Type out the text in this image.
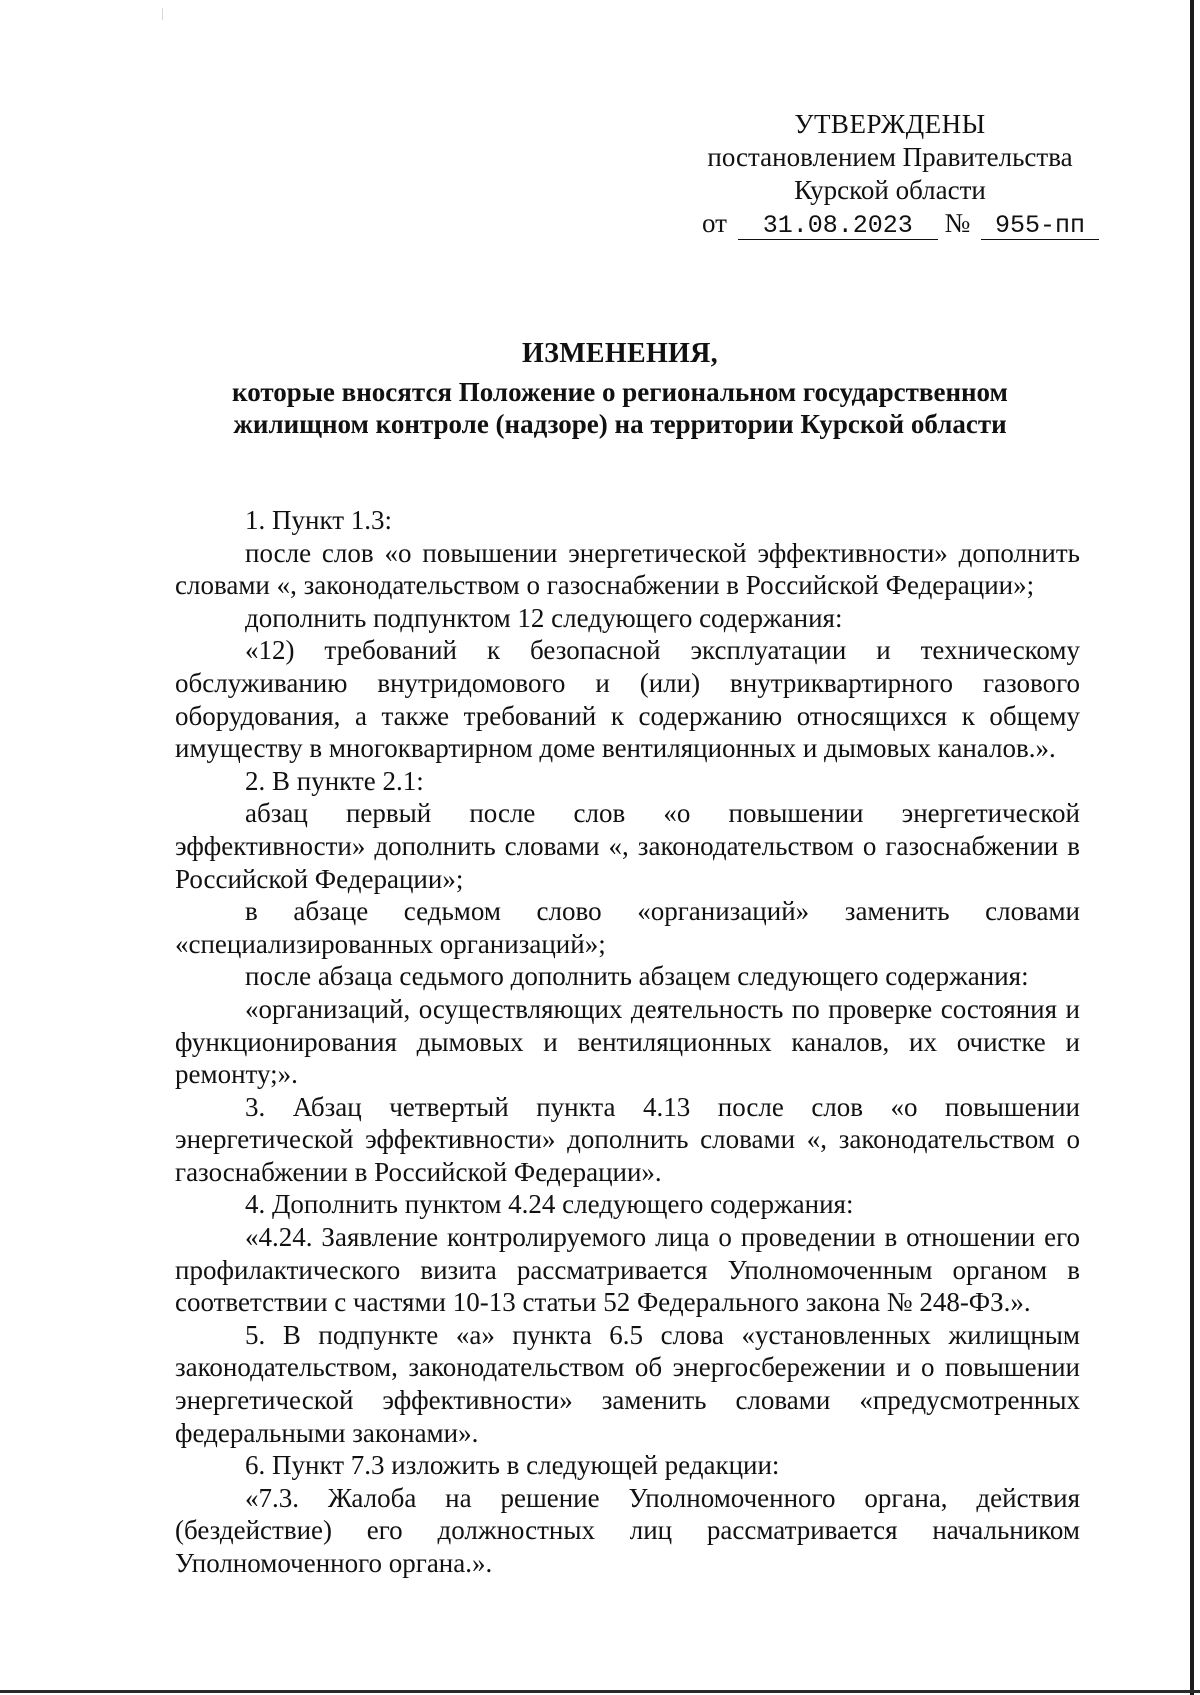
УТВЕРЖДЕНЫ
постановлением Правительства
Курской области
от 31.08.2023 № 955-пп
ИЗМЕНЕНИЯ,
которые вносятся Положение о региональном государственном
жилищном контроле (надзоре) на территории Курской области

1. Пункт 1.3:

после слов «о повышении энергетической эффективности» дополнить словами «, законодательством о газоснабжении в Российской Федерации»;

дополнить подпунктом 12 следующего содержания:

«12) требований к безопасной эксплуатации и техническому обслуживанию внутридомового и (или) внутриквартирного газового оборудования, а также требований к содержанию относящихся к общему имуществу в многоквартирном доме вентиляционных и дымовых каналов.».

2. В пункте 2.1:

абзац первый после слов «о повышении энергетической эффективности» дополнить словами «, законодательством о газоснабжении в Российской Федерации»;

в абзаце седьмом слово «организаций» заменить словами «специализированных организаций»;

после абзаца седьмого дополнить абзацем следующего содержания:

«организаций, осуществляющих деятельность по проверке состояния и функционирования дымовых и вентиляционных каналов, их очистке и ремонту;».

3. Абзац четвертый пункта 4.13 после слов «о повышении энергетической эффективности» дополнить словами «, законодательством о газоснабжении в Российской Федерации».

4. Дополнить пунктом 4.24 следующего содержания:

«4.24. Заявление контролируемого лица о проведении в отношении его профилактического визита рассматривается Уполномоченным органом в соответствии с частями 10-13 статьи 52 Федерального закона № 248-ФЗ.».

5. В подпункте «а» пункта 6.5 слова «установленных жилищным законодательством, законодательством об энергосбережении и о повышении энергетической эффективности» заменить словами «предусмотренных федеральными законами».

6. Пункт 7.3 изложить в следующей редакции:

«7.3. Жалоба на решение Уполномоченного органа, действия (бездействие) его должностных лиц рассматривается начальником Уполномоченного органа.».
